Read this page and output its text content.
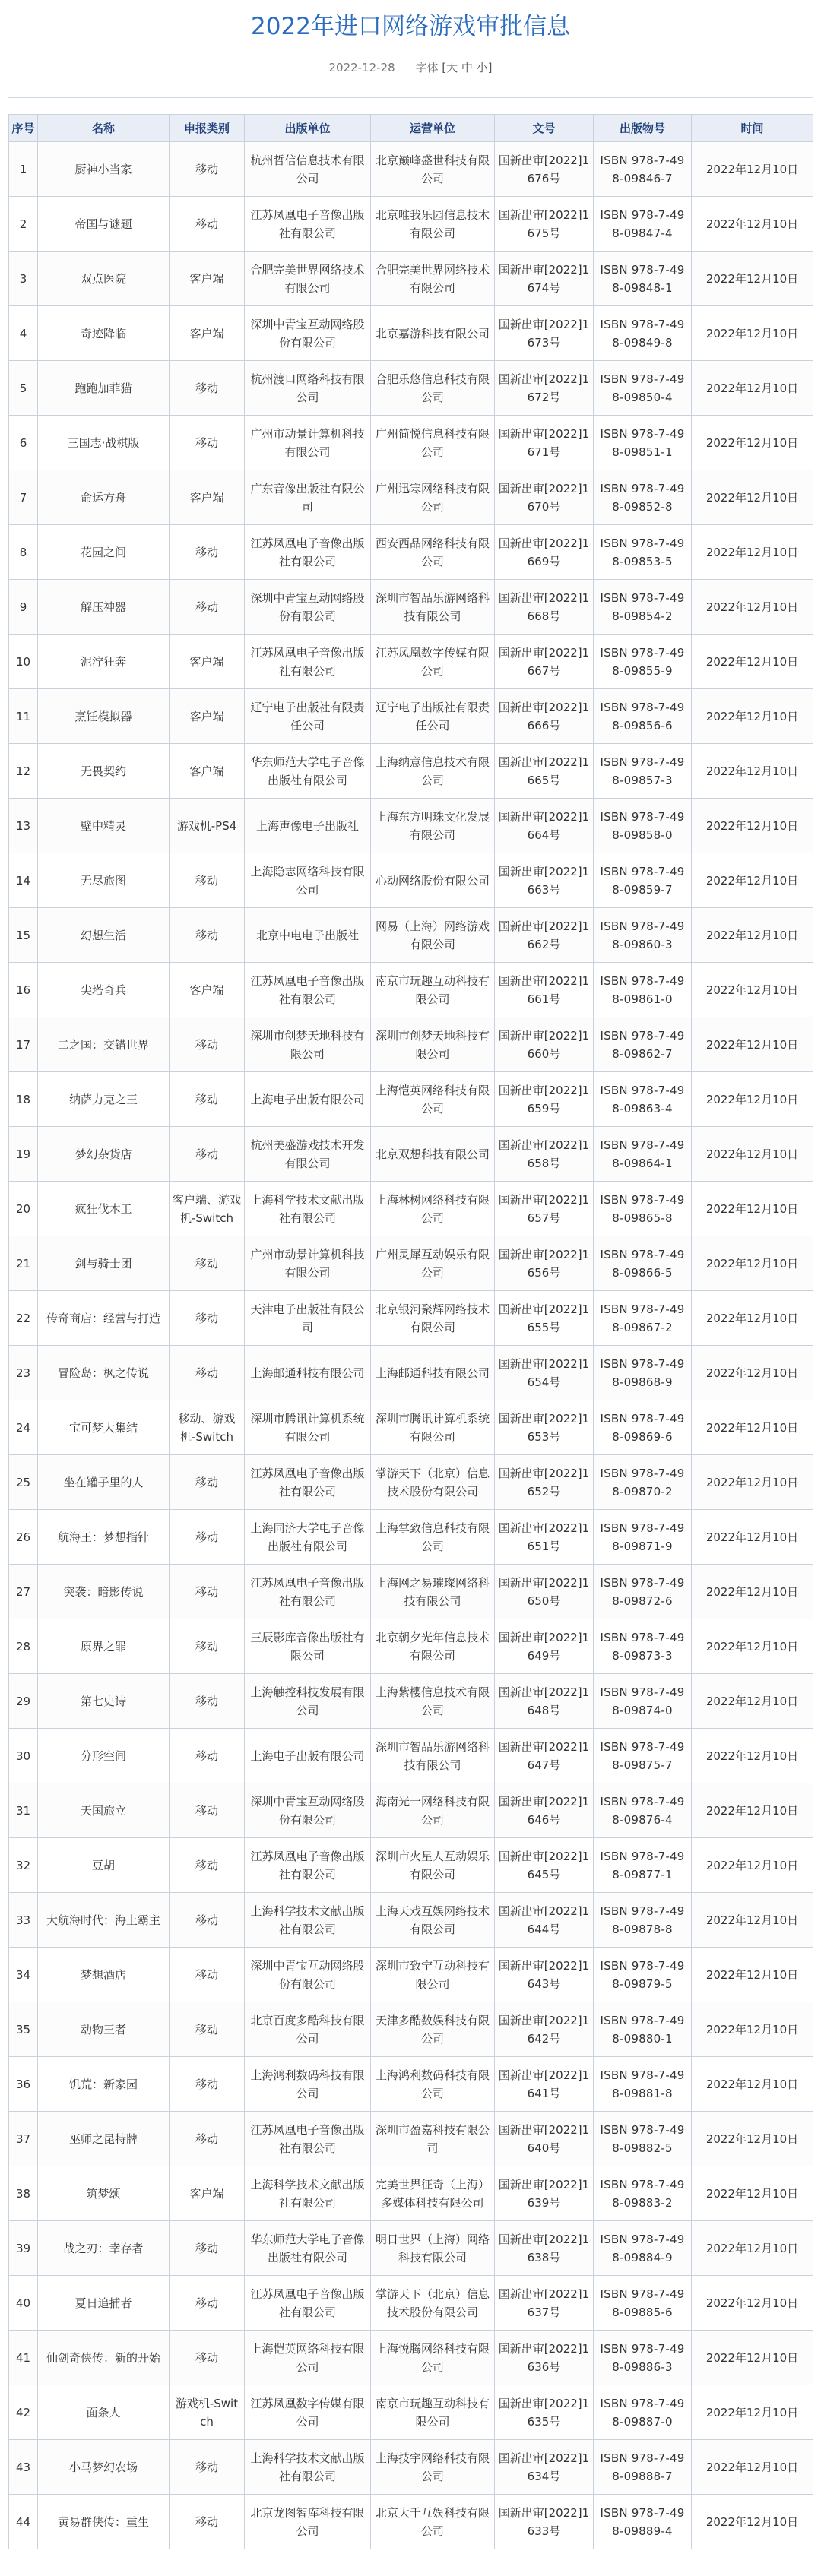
2022年进口网络游戏审批信息
2022-12-28 字体 [大 中 小]
序号	名称	申报类别	出版单位	运营单位	文号	出版物号	时间
1	厨神小当家	移动	杭州哲信信息技术有限公司	北京巅峰盛世科技有限公司	国新出审[2022]1676号	ISBN 978-7-498-09846-7	2022年12月10日
2	帝国与谜题	移动	江苏凤凰电子音像出版社有限公司	北京唯我乐园信息技术有限公司	国新出审[2022]1675号	ISBN 978-7-498-09847-4	2022年12月10日
3	双点医院	客户端	合肥完美世界网络技术有限公司	合肥完美世界网络技术有限公司	国新出审[2022]1674号	ISBN 978-7-498-09848-1	2022年12月10日
4	奇迹降临	客户端	深圳中青宝互动网络股份有限公司	北京嘉游科技有限公司	国新出审[2022]1673号	ISBN 978-7-498-09849-8	2022年12月10日
5	跑跑加菲猫	移动	杭州渡口网络科技有限公司	合肥乐悠信息科技有限公司	国新出审[2022]1672号	ISBN 978-7-498-09850-4	2022年12月10日
6	三国志·战棋版	移动	广州市动景计算机科技有限公司	广州简悦信息科技有限公司	国新出审[2022]1671号	ISBN 978-7-498-09851-1	2022年12月10日
7	命运方舟	客户端	广东音像出版社有限公司	广州迅寒网络科技有限公司	国新出审[2022]1670号	ISBN 978-7-498-09852-8	2022年12月10日
8	花园之间	移动	江苏凤凰电子音像出版社有限公司	西安西品网络科技有限公司	国新出审[2022]1669号	ISBN 978-7-498-09853-5	2022年12月10日
9	解压神器	移动	深圳中青宝互动网络股份有限公司	深圳市智品乐游网络科技有限公司	国新出审[2022]1668号	ISBN 978-7-498-09854-2	2022年12月10日
10	泥泞狂奔	客户端	江苏凤凰电子音像出版社有限公司	江苏凤凰数字传媒有限公司	国新出审[2022]1667号	ISBN 978-7-498-09855-9	2022年12月10日
11	烹饪模拟器	客户端	辽宁电子出版社有限责任公司	辽宁电子出版社有限责任公司	国新出审[2022]1666号	ISBN 978-7-498-09856-6	2022年12月10日
12	无畏契约	客户端	华东师范大学电子音像出版社有限公司	上海纳意信息技术有限公司	国新出审[2022]1665号	ISBN 978-7-498-09857-3	2022年12月10日
13	壁中精灵	游戏机-PS4	上海声像电子出版社	上海东方明珠文化发展有限公司	国新出审[2022]1664号	ISBN 978-7-498-09858-0	2022年12月10日
14	无尽旅图	移动	上海隐志网络科技有限公司	心动网络股份有限公司	国新出审[2022]1663号	ISBN 978-7-498-09859-7	2022年12月10日
15	幻想生活	移动	北京中电电子出版社	网易（上海）网络游戏有限公司	国新出审[2022]1662号	ISBN 978-7-498-09860-3	2022年12月10日
16	尖塔奇兵	客户端	江苏凤凰电子音像出版社有限公司	南京市玩趣互动科技有限公司	国新出审[2022]1661号	ISBN 978-7-498-09861-0	2022年12月10日
17	二之国：交错世界	移动	深圳市创梦天地科技有限公司	深圳市创梦天地科技有限公司	国新出审[2022]1660号	ISBN 978-7-498-09862-7	2022年12月10日
18	纳萨力克之王	移动	上海电子出版有限公司	上海恺英网络科技有限公司	国新出审[2022]1659号	ISBN 978-7-498-09863-4	2022年12月10日
19	梦幻杂货店	移动	杭州美盛游戏技术开发有限公司	北京双想科技有限公司	国新出审[2022]1658号	ISBN 978-7-498-09864-1	2022年12月10日
20	疯狂伐木工	客户端、游戏机-Switch	上海科学技术文献出版社有限公司	上海林树网络科技有限公司	国新出审[2022]1657号	ISBN 978-7-498-09865-8	2022年12月10日
21	剑与骑士团	移动	广州市动景计算机科技有限公司	广州灵犀互动娱乐有限公司	国新出审[2022]1656号	ISBN 978-7-498-09866-5	2022年12月10日
22	传奇商店：经营与打造	移动	天津电子出版社有限公司	北京银河聚辉网络技术有限公司	国新出审[2022]1655号	ISBN 978-7-498-09867-2	2022年12月10日
23	冒险岛：枫之传说	移动	上海邮通科技有限公司	上海邮通科技有限公司	国新出审[2022]1654号	ISBN 978-7-498-09868-9	2022年12月10日
24	宝可梦大集结	移动、游戏机-Switch	深圳市腾讯计算机系统有限公司	深圳市腾讯计算机系统有限公司	国新出审[2022]1653号	ISBN 978-7-498-09869-6	2022年12月10日
25	坐在罐子里的人	移动	江苏凤凰电子音像出版社有限公司	掌游天下（北京）信息技术股份有限公司	国新出审[2022]1652号	ISBN 978-7-498-09870-2	2022年12月10日
26	航海王：梦想指针	移动	上海同济大学电子音像出版社有限公司	上海掌致信息科技有限公司	国新出审[2022]1651号	ISBN 978-7-498-09871-9	2022年12月10日
27	突袭：暗影传说	移动	江苏凤凰电子音像出版社有限公司	上海网之易璀璨网络科技有限公司	国新出审[2022]1650号	ISBN 978-7-498-09872-6	2022年12月10日
28	原界之罪	移动	三辰影库音像出版社有限公司	北京朝夕光年信息技术有限公司	国新出审[2022]1649号	ISBN 978-7-498-09873-3	2022年12月10日
29	第七史诗	移动	上海触控科技发展有限公司	上海紫樱信息技术有限公司	国新出审[2022]1648号	ISBN 978-7-498-09874-0	2022年12月10日
30	分形空间	移动	上海电子出版有限公司	深圳市智品乐游网络科技有限公司	国新出审[2022]1647号	ISBN 978-7-498-09875-7	2022年12月10日
31	天国旅立	移动	深圳中青宝互动网络股份有限公司	海南光一网络科技有限公司	国新出审[2022]1646号	ISBN 978-7-498-09876-4	2022年12月10日
32	豆胡	移动	江苏凤凰电子音像出版社有限公司	深圳市火星人互动娱乐有限公司	国新出审[2022]1645号	ISBN 978-7-498-09877-1	2022年12月10日
33	大航海时代：海上霸主	移动	上海科学技术文献出版社有限公司	上海天戏互娱网络技术有限公司	国新出审[2022]1644号	ISBN 978-7-498-09878-8	2022年12月10日
34	梦想酒店	移动	深圳中青宝互动网络股份有限公司	深圳市致宁互动科技有限公司	国新出审[2022]1643号	ISBN 978-7-498-09879-5	2022年12月10日
35	动物王者	移动	北京百度多酷科技有限公司	天津多酷数娱科技有限公司	国新出审[2022]1642号	ISBN 978-7-498-09880-1	2022年12月10日
36	饥荒：新家园	移动	上海鸿利数码科技有限公司	上海鸿利数码科技有限公司	国新出审[2022]1641号	ISBN 978-7-498-09881-8	2022年12月10日
37	巫师之昆特牌	移动	江苏凤凰电子音像出版社有限公司	深圳市盈嘉科技有限公司	国新出审[2022]1640号	ISBN 978-7-498-09882-5	2022年12月10日
38	筑梦颂	客户端	上海科学技术文献出版社有限公司	完美世界征奇（上海）多媒体科技有限公司	国新出审[2022]1639号	ISBN 978-7-498-09883-2	2022年12月10日
39	战之刃：幸存者	移动	华东师范大学电子音像出版社有限公司	明日世界（上海）网络科技有限公司	国新出审[2022]1638号	ISBN 978-7-498-09884-9	2022年12月10日
40	夏日追捕者	移动	江苏凤凰电子音像出版社有限公司	掌游天下（北京）信息技术股份有限公司	国新出审[2022]1637号	ISBN 978-7-498-09885-6	2022年12月10日
41	仙剑奇侠传：新的开始	移动	上海恺英网络科技有限公司	上海悦腾网络科技有限公司	国新出审[2022]1636号	ISBN 978-7-498-09886-3	2022年12月10日
42	面条人	游戏机-Switch	江苏凤凰数字传媒有限公司	南京市玩趣互动科技有限公司	国新出审[2022]1635号	ISBN 978-7-498-09887-0	2022年12月10日
43	小马梦幻农场	移动	上海科学技术文献出版社有限公司	上海技宇网络科技有限公司	国新出审[2022]1634号	ISBN 978-7-498-09888-7	2022年12月10日
44	黄易群侠传：重生	移动	北京龙图智库科技有限公司	北京大千互娱科技有限公司	国新出审[2022]1633号	ISBN 978-7-498-09889-4	2022年12月10日
